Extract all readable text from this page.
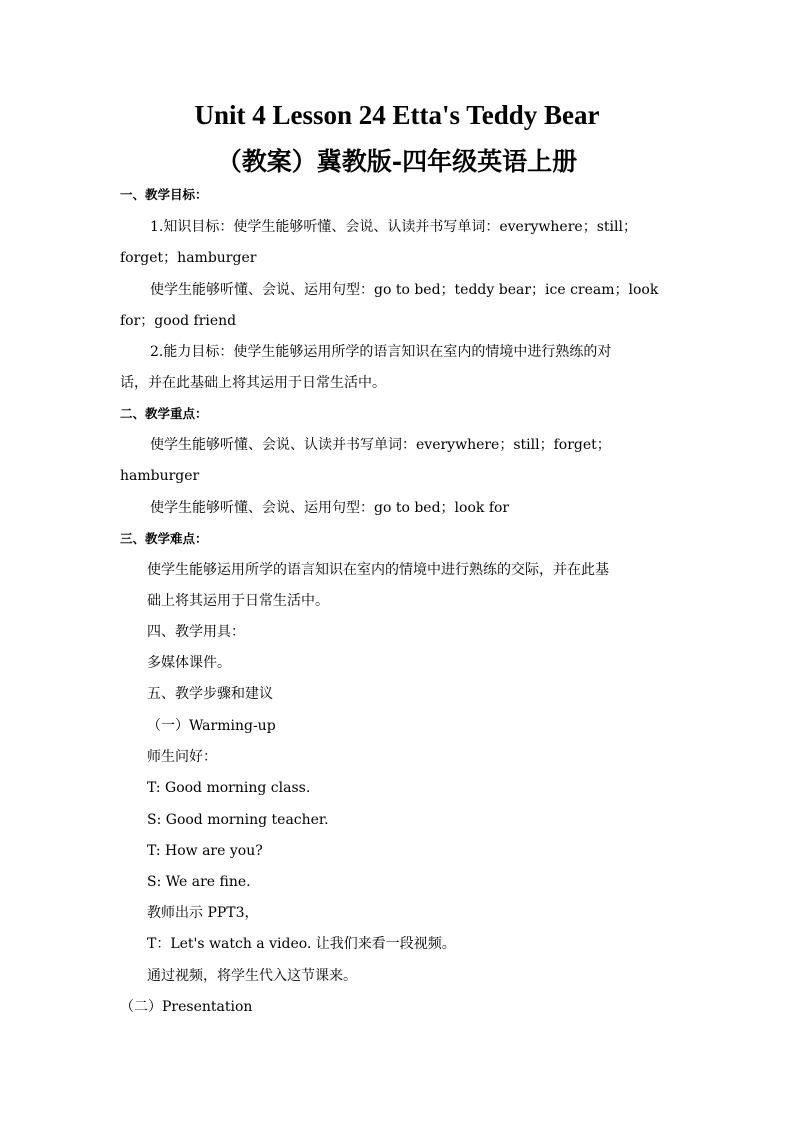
Unit 4 Lesson 24 Etta's Teddy Bear
（教案）冀教版-四年级英语上册
一、教学目标：
1.知识目标：使学生能够听懂、会说、认读并书写单词：everywhere；still；
forget；hamburger
使学生能够听懂、会说、运用句型：go to bed；teddy bear；ice cream；look
for；good friend
2.能力目标：使学生能够运用所学的语言知识在室内的情境中进行熟练的对
话，并在此基础上将其运用于日常生活中。
二、教学重点：
使学生能够听懂、会说、认读并书写单词：everywhere；still；forget；
hamburger
使学生能够听懂、会说、运用句型：go to bed；look for
三、教学难点：
使学生能够运用所学的语言知识在室内的情境中进行熟练的交际，并在此基
础上将其运用于日常生活中。
四、教学用具：
多媒体课件。
五、教学步骤和建议
（一）Warming-up
师生问好：
T: Good morning class.
S: Good morning teacher.
T: How are you?
S: We are fine.
教师出示 PPT3，
T：Let's watch a video. 让我们来看一段视频。
通过视频，将学生代入这节课来。
（二）Presentation
